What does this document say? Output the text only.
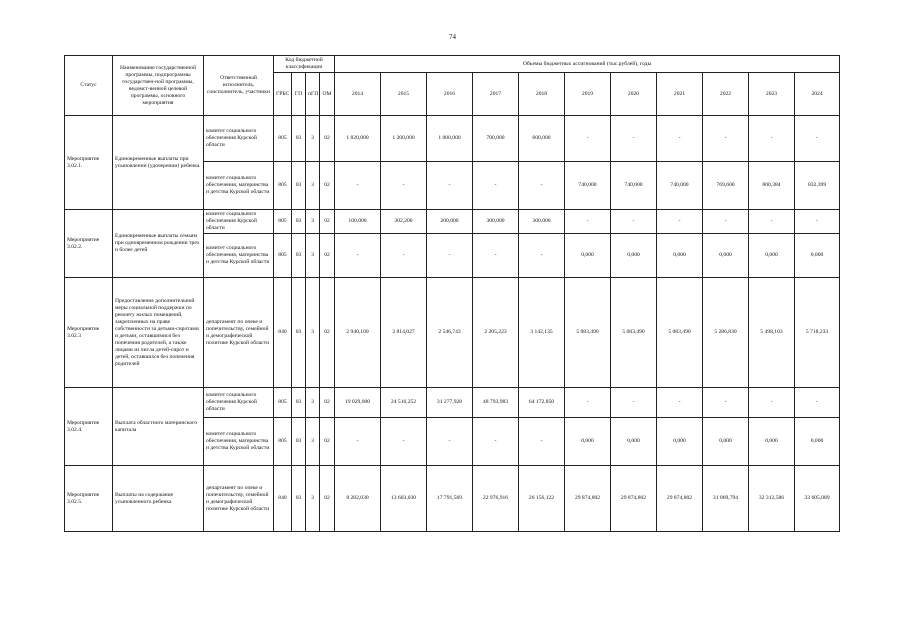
74
Статус	Наименование государственной программы, подпрограммы государствен-ной программы, ведомст-венной целевой программы, основного мероприятия	Ответственный исполнитель, соисполнитель, участники	Код бюджетной классификации				Объемы бюджетных ассигнований (тыс.рублей), годы										
			ГРБС	ГП	пГП	ОМ	2014	2015	2016	2017	2018	2019	2020	2021	2022	2023	2024
Мероприятие 3.02.1.	Единовременные выплаты при усыновлении (удочерении) ребенка	комитет социального обеспечения Курской области	805	03	3	02	1 820,000	1 200,000	1 000,000	700,000	600,000	-	-	-	-	-	-
		комитет социального обеспечения, материнства и детства Курской области	805	03	3	02	-	-	-	-	-	740,000	740,000	740,000	769,600	800,384	832,399
Мероприятие 3.02.2.	Единовременные выплаты семьям при одновременном рождении трех и более детей	комитет социального обеспечения Курской области	805	03	3	02	100,000	302,200	200,000	300,000	300,000	-	-	-	-	-	-
		комитет социального обеспечения, материнства и детства Курской области	805	03	3	02	-	-	-	-	-	0,000	0,000	0,000	0,000	0,000	0,000
Мероприятие 3.02.3	Предоставление дополнительной меры социальной поддержки по ремонту жилых помещений, закрепленных на праве собственности за детьми-сиротами и детьми, оставшимися без попечения родителей, а также лицами из числа детей-сирот и детей, оставшихся без попечения родителей	департамент по опеке и попечительству, семейной и демографической политике Курской области	840	03	3	02	2 940,100	2 814,027	2 546,743	2 205,223	3 142,135	5 083,490	5 083,490	5 083,490	5 286,830	5 498,103	5 718,233
Мероприятие 3.02.4.	Выплата областного материнского капитала	комитет социального обеспечения Курской области	805	03	3	02	19 029,000	24 516,252	31 277,928	48 793,983	64 172,850	-	-	-	-	-	-
		комитет социального обеспечения, материнства и детства Курской области	805	03	3	02	-	-	-	-	-	0,000	0,000	0,000	0,000	0,000	0,000
Мероприятие 3.02.5.	Выплаты на содержание усыновленного ребенка	департамент по опеке и попечительству, семейной и демографической политике Курской области	840	03	3	02	8 282,030	13 603,030	17 791,569	22 976,916	26 156,122	29 874,802	29 874,802	29 874,802	31 069,794	32 312,586	33 605,089
